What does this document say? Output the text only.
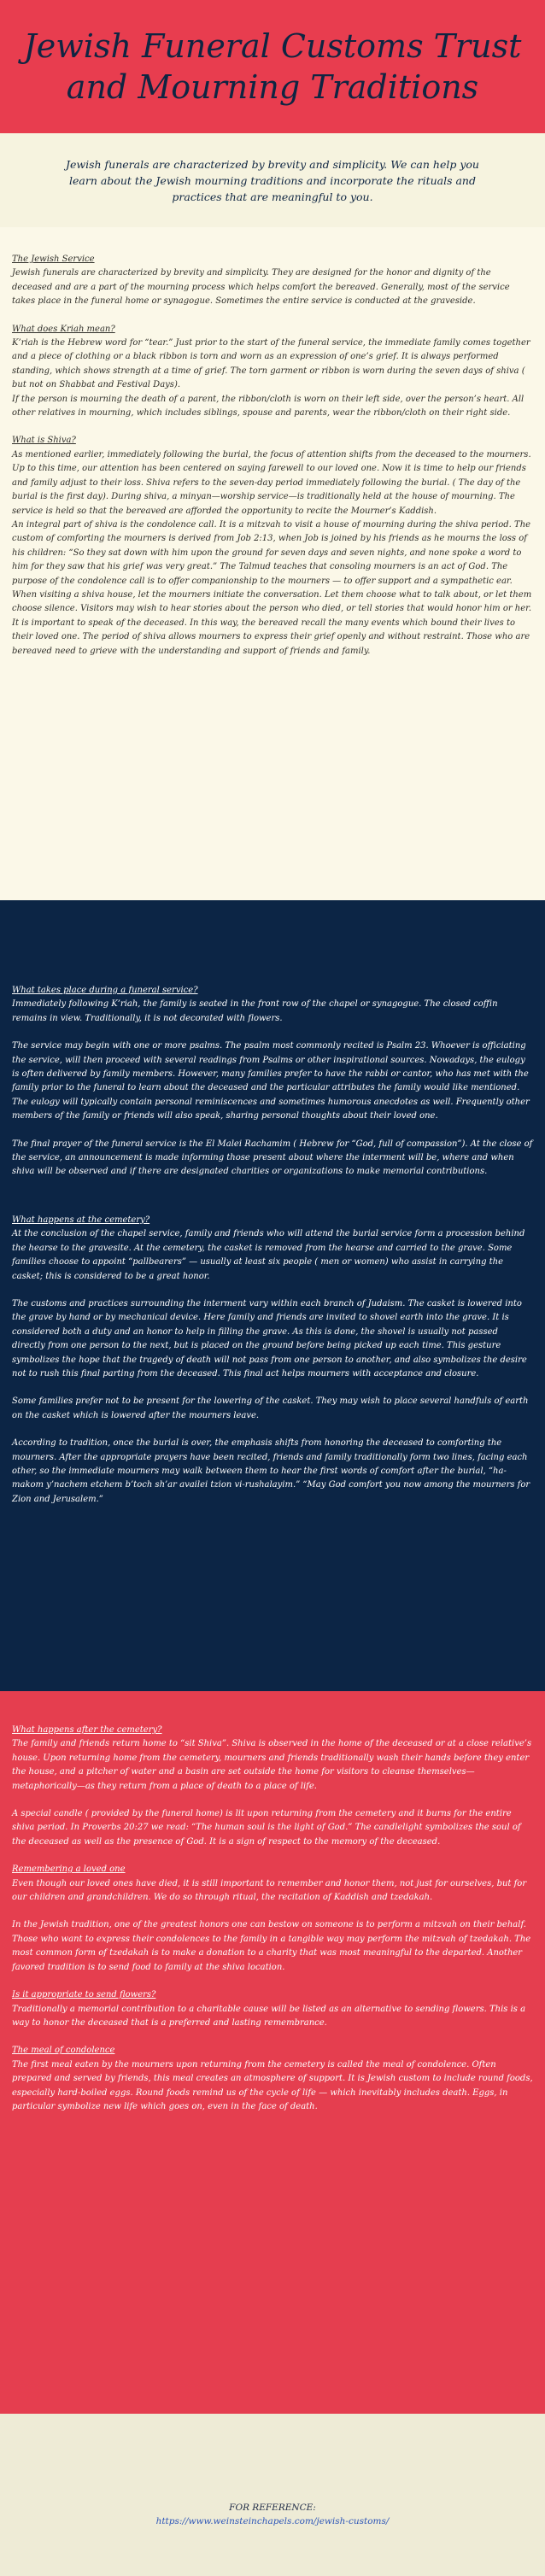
Jewish Funeral Customs Trust and Mourning Traditions

Jewish funerals are characterized by brevity and simplicity. We can help you learn about the Jewish mourning traditions and incorporate the rituals and practices that are meaningful to you.

The Jewish Service

Jewish funerals are characterized by brevity and simplicity. They are designed for the honor and dignity of the deceased and are a part of the mourning process which helps comfort the bereaved. Generally, most of the service takes place in the funeral home or synagogue. Sometimes the entire service is conducted at the graveside.

What does Kriah mean?

K’riah is the Hebrew word for “tear.” Just prior to the start of the funeral service, the immediate family comes together and a piece of clothing or a black ribbon is torn and worn as an expression of one’s grief. It is always performed standing, which shows strength at a time of grief. The torn garment or ribbon is worn during the seven days of shiva ( but not on Shabbat and Festival Days).

If the person is mourning the death of a parent, the ribbon/cloth is worn on their left side, over the person’s heart. All other relatives in mourning, which includes siblings, spouse and parents, wear the ribbon/cloth on their right side.

What is Shiva?

As mentioned earlier, immediately following the burial, the focus of attention shifts from the deceased to the mourners. Up to this time, our attention has been centered on saying farewell to our loved one. Now it is time to help our friends and family adjust to their loss. Shiva refers to the seven-day period immediately following the burial. ( The day of the burial is the first day). During shiva, a minyan—worship service—is traditionally held at the house of mourning. The service is held so that the bereaved are afforded the opportunity to recite the Mourner’s Kaddish.

An integral part of shiva is the condolence call. It is a mitzvah to visit a house of mourning during the shiva period. The custom of comforting the mourners is derived from Job 2:13, when Job is joined by his friends as he mourns the loss of his children: “So they sat down with him upon the ground for seven days and seven nights, and none spoke a word to him for they saw that his grief was very great.” The Talmud teaches that consoling mourners is an act of God. The purpose of the condolence call is to offer companionship to the mourners — to offer support and a sympathetic ear. When visiting a shiva house, let the mourners initiate the conversation. Let them choose what to talk about, or let them choose silence. Visitors may wish to hear stories about the person who died, or tell stories that would honor him or her. It is important to speak of the deceased. In this way, the bereaved recall the many events which bound their lives to their loved one. The period of shiva allows mourners to express their grief openly and without restraint. Those who are bereaved need to grieve with the understanding and support of friends and family.

What takes place during a funeral service?

Immediately following K’riah, the family is seated in the front row of the chapel or synagogue. The closed coffin remains in view. Traditionally, it is not decorated with flowers.

The service may begin with one or more psalms. The psalm most commonly recited is Psalm 23. Whoever is officiating the service, will then proceed with several readings from Psalms or other inspirational sources. Nowadays, the eulogy is often delivered by family members. However, many families prefer to have the rabbi or cantor, who has met with the family prior to the funeral to learn about the deceased and the particular attributes the family would like mentioned. The eulogy will typically contain personal reminiscences and sometimes humorous anecdotes as well. Frequently other members of the family or friends will also speak, sharing personal thoughts about their loved one.

The final prayer of the funeral service is the El Malei Rachamim ( Hebrew for “God, full of compassion”). At the close of the service, an announcement is made informing those present about where the interment will be, where and when shiva will be observed and if there are designated charities or organizations to make memorial contributions.

What happens at the cemetery?

At the conclusion of the chapel service, family and friends who will attend the burial service form a procession behind the hearse to the gravesite. At the cemetery, the casket is removed from the hearse and carried to the grave. Some families choose to appoint “pallbearers” — usually at least six people ( men or women) who assist in carrying the casket; this is considered to be a great honor.

The customs and practices surrounding the interment vary within each branch of Judaism. The casket is lowered into the grave by hand or by mechanical device. Here family and friends are invited to shovel earth into the grave. It is considered both a duty and an honor to help in filling the grave. As this is done, the shovel is usually not passed directly from one person to the next, but is placed on the ground before being picked up each time. This gesture symbolizes the hope that the tragedy of death will not pass from one person to another, and also symbolizes the desire not to rush this final parting from the deceased. This final act helps mourners with acceptance and closure.

Some families prefer not to be present for the lowering of the casket. They may wish to place several handfuls of earth on the casket which is lowered after the mourners leave.

According to tradition, once the burial is over, the emphasis shifts from honoring the deceased to comforting the mourners. After the appropriate prayers have been recited, friends and family traditionally form two lines, facing each other, so the immediate mourners may walk between them to hear the first words of comfort after the burial, “ha-makom y’nachem etchem b’toch sh’ar availei tzion vi-rushalayim.” “May God comfort you now among the mourners for Zion and Jerusalem.”

What happens after the cemetery?

The family and friends return home to “sit Shiva”. Shiva is observed in the home of the deceased or at a close relative’s house. Upon returning home from the cemetery, mourners and friends traditionally wash their hands before they enter the house, and a pitcher of water and a basin are set outside the home for visitors to cleanse themselves—metaphorically—as they return from a place of death to a place of life.

A special candle ( provided by the funeral home) is lit upon returning from the cemetery and it burns for the entire shiva period. In Proverbs 20:27 we read: “The human soul is the light of God.” The candlelight symbolizes the soul of the deceased as well as the presence of God. It is a sign of respect to the memory of the deceased.

Remembering a loved one

Even though our loved ones have died, it is still important to remember and honor them, not just for ourselves, but for our children and grandchildren. We do so through ritual, the recitation of Kaddish and tzedakah.

In the Jewish tradition, one of the greatest honors one can bestow on someone is to perform a mitzvah on their behalf. Those who want to express their condolences to the family in a tangible way may perform the mitzvah of tzedakah. The most common form of tzedakah is to make a donation to a charity that was most meaningful to the departed. Another favored tradition is to send food to family at the shiva location.

Is it appropriate to send flowers?

Traditionally a memorial contribution to a charitable cause will be listed as an alternative to sending flowers. This is a way to honor the deceased that is a preferred and lasting remembrance.

The meal of condolence

The first meal eaten by the mourners upon returning from the cemetery is called the meal of condolence. Often prepared and served by friends, this meal creates an atmosphere of support. It is Jewish custom to include round foods, especially hard-boiled eggs. Round foods remind us of the cycle of life — which inevitably includes death. Eggs, in particular symbolize new life which goes on, even in the face of death.

FOR REFERENCE:
https://www.weinsteinchapels.com/jewish-customs/
